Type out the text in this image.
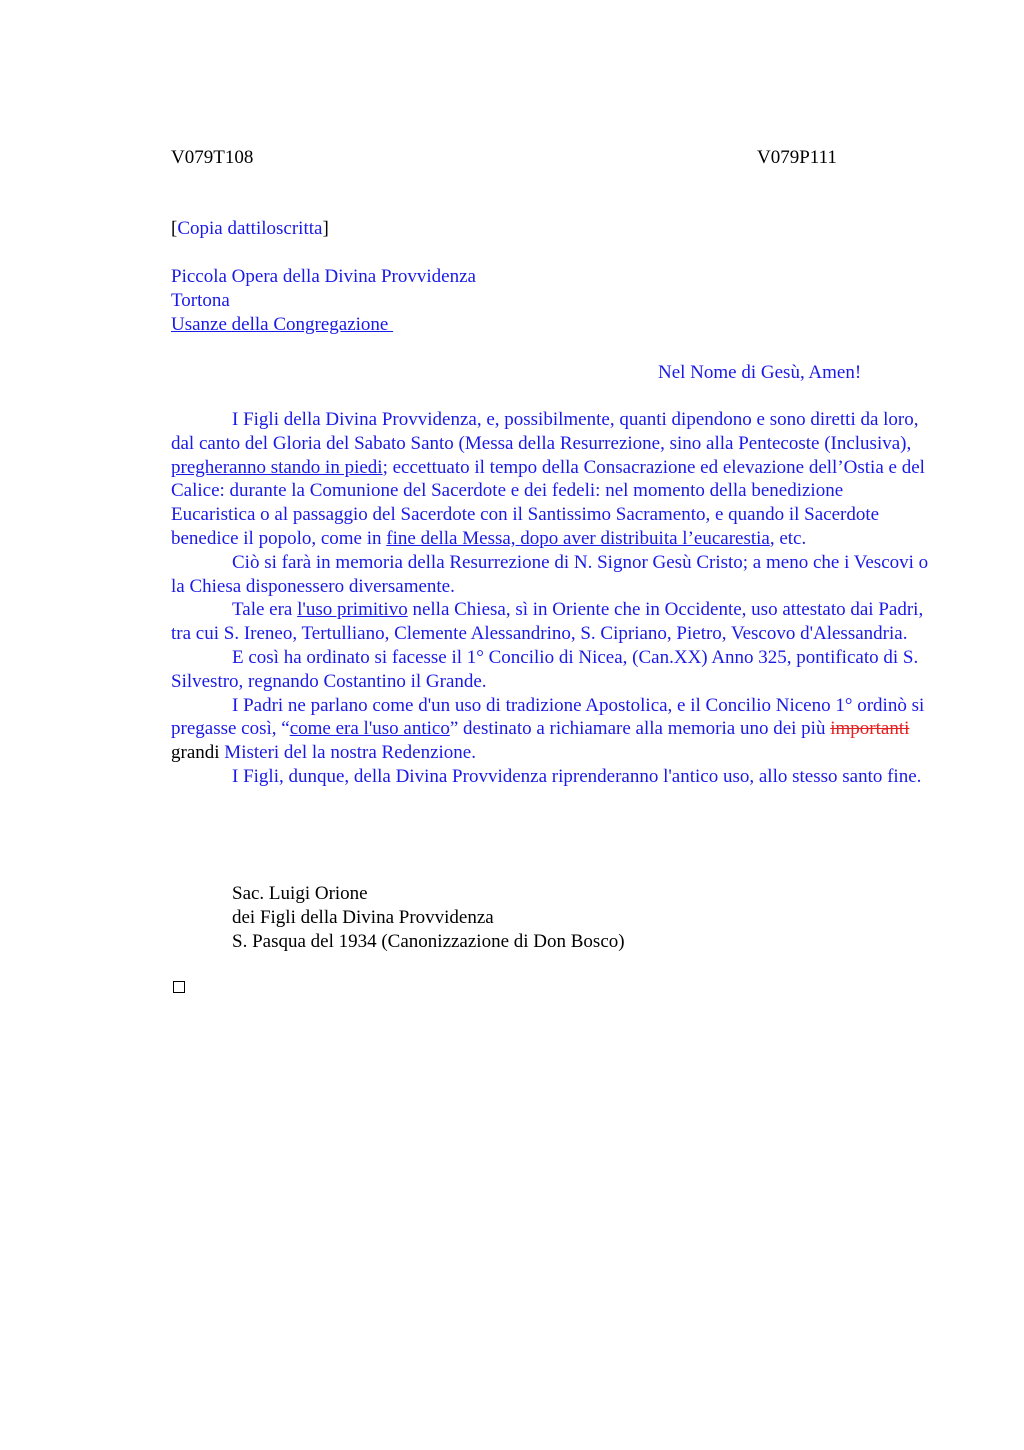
V079T108	V079P111
[Copia dattiloscritta]
Piccola Opera della Divina Provvidenza
Tortona
Usanze della Congregazione
Nel Nome di Gesù, Amen!

I Figli della Divina Provvidenza, e, possibilmente, quanti dipendono e sono diretti da loro, dal canto del Gloria del Sabato Santo (Messa della Resurrezione, sino alla Pentecoste (Inclusiva), pregheranno stando in piedi; eccettuato il tempo della Consacrazione ed elevazione dell’Ostia e del Calice: durante la Comunione del Sacerdote e dei fedeli: nel momento della benedizione Eucaristica o al passaggio del Sacerdote con il Santissimo Sacramento, e quando il Sacerdote benedice il popolo, come in fine della Messa, dopo aver distribuita l’eucarestia, etc.

Ciò si farà in memoria della Resurrezione di N. Signor Gesù Cristo; a meno che i Vescovi o la Chiesa disponessero diversamente.

Tale era l'uso primitivo nella Chiesa, sì in Oriente che in Occidente, uso attestato dai Padri, tra cui S. Ireneo, Tertulliano, Clemente Alessandrino, S. Cipriano, Pietro, Vescovo d'Alessandria.

E così ha ordinato si facesse il 1° Concilio di Nicea, (Can.XX) Anno 325, pontificato di S. Silvestro, regnando Costantino il Grande.

I Padri ne parlano come d'un uso di tradizione Apostolica, e il Concilio Niceno 1° ordinò si pregasse così, “come era l'uso antico” destinato a richiamare alla memoria uno dei più importanti grandi Misteri del la nostra Redenzione.

I Figli, dunque, della Divina Provvidenza riprenderanno l'antico uso, allo stesso santo fine.

Sac. Luigi Orione
dei Figli della Divina Provvidenza
S. Pasqua del 1934 (Canonizzazione di Don Bosco)
